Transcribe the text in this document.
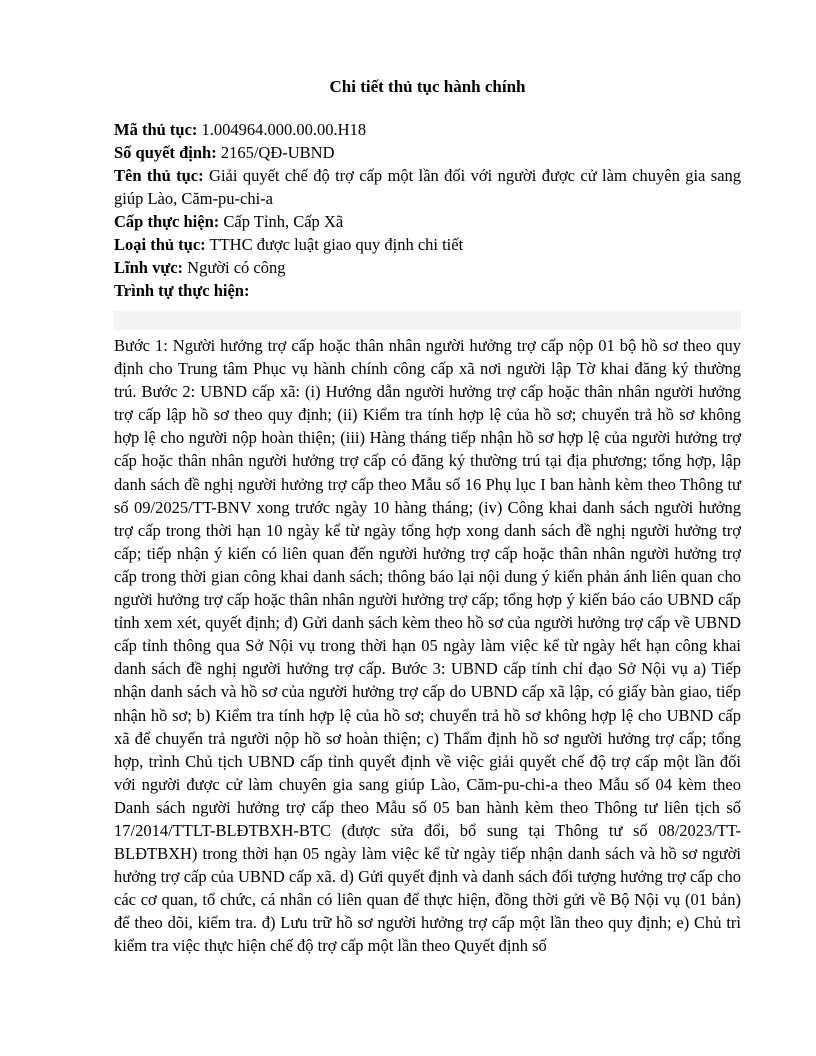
Chi tiết thủ tục hành chính
Mã thủ tục: 1.004964.000.00.00.H18
Số quyết định: 2165/QĐ-UBND
Tên thủ tục: Giải quyết chế độ trợ cấp một lần đối với người được cử làm chuyên gia sang giúp Lào, Căm-pu-chi-a
Cấp thực hiện: Cấp Tỉnh, Cấp Xã
Loại thủ tục: TTHC được luật giao quy định chi tiết
Lĩnh vực: Người có công
Trình tự thực hiện:

Bước 1: Người hưởng trợ cấp hoặc thân nhân người hưởng trợ cấp nộp 01 bộ hồ sơ theo quy định cho Trung tâm Phục vụ hành chính công cấp xã nơi người lập Tờ khai đăng ký thường trú. Bước 2: UBND cấp xã: (i) Hướng dẫn người hưởng trợ cấp hoặc thân nhân người hưởng trợ cấp lập hồ sơ theo quy định; (ii) Kiểm tra tính hợp lệ của hồ sơ; chuyển trả hồ sơ không hợp lệ cho người nộp hoàn thiện; (iii) Hàng tháng tiếp nhận hồ sơ hợp lệ của người hưởng trợ cấp hoặc thân nhân người hưởng trợ cấp có đăng ký thường trú tại địa phương; tổng hợp, lập danh sách đề nghị người hưởng trợ cấp theo Mẫu số 16 Phụ lục I ban hành kèm theo Thông tư số 09/2025/TT-BNV xong trước ngày 10 hàng tháng; (iv) Công khai danh sách người hưởng trợ cấp trong thời hạn 10 ngày kể từ ngày tổng hợp xong danh sách đề nghị người hưởng trợ cấp; tiếp nhận ý kiến có liên quan đến người hưởng trợ cấp hoặc thân nhân người hưởng trợ cấp trong thời gian công khai danh sách; thông báo lại nội dung ý kiến phản ánh liên quan cho người hưởng trợ cấp hoặc thân nhân người hưởng trợ cấp; tổng hợp ý kiến báo cáo UBND cấp tỉnh xem xét, quyết định; đ) Gửi danh sách kèm theo hồ sơ của người hưởng trợ cấp về UBND cấp tỉnh thông qua Sở Nội vụ trong thời hạn 05 ngày làm việc kể từ ngày hết hạn công khai danh sách đề nghị người hưởng trợ cấp. Bước 3: UBND cấp tỉnh chỉ đạo Sở Nội vụ a) Tiếp nhận danh sách và hồ sơ của người hưởng trợ cấp do UBND cấp xã lập, có giấy bàn giao, tiếp nhận hồ sơ; b) Kiểm tra tính hợp lệ của hồ sơ; chuyển trả hồ sơ không hợp lệ cho UBND cấp xã để chuyển trả người nộp hồ sơ hoàn thiện; c) Thẩm định hồ sơ người hưởng trợ cấp; tổng hợp, trình Chủ tịch UBND cấp tỉnh quyết định về việc giải quyết chế độ trợ cấp một lần đối với người được cử làm chuyên gia sang giúp Lào, Căm-pu-chi-a theo Mẫu số 04 kèm theo Danh sách người hưởng trợ cấp theo Mẫu số 05 ban hành kèm theo Thông tư liên tịch số 17/2014/TTLT-BLĐTBXH-BTC (được sửa đổi, bổ sung tại Thông tư số 08/2023/TT-BLĐTBXH) trong thời hạn 05 ngày làm việc kể từ ngày tiếp nhận danh sách và hồ sơ người hưởng trợ cấp của UBND cấp xã. d) Gửi quyết định và danh sách đối tượng hưởng trợ cấp cho các cơ quan, tổ chức, cá nhân có liên quan để thực hiện, đồng thời gửi về Bộ Nội vụ (01 bản) để theo dõi, kiểm tra. đ) Lưu trữ hồ sơ người hưởng trợ cấp một lần theo quy định; e) Chủ trì kiểm tra việc thực hiện chế độ trợ cấp một lần theo Quyết định số
